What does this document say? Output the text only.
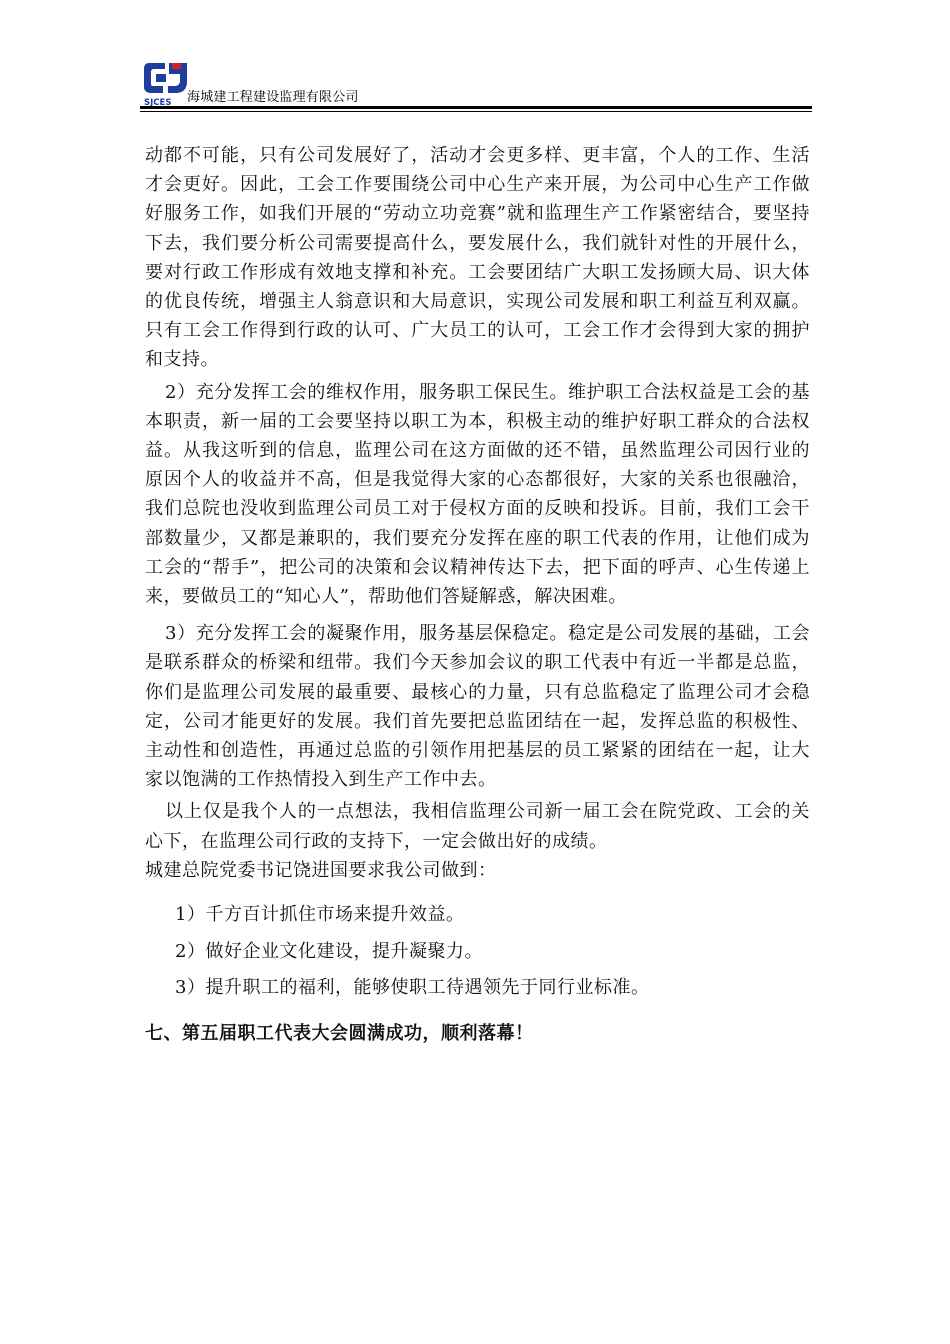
SJCES 海城建工程建设监理有限公司

动都不可能，只有公司发展好了，活动才会更多样、更丰富，个人的工作、生活才会更好。因此，工会工作要围绕公司中心生产来开展，为公司中心生产工作做好服务工作，如我们开展的“劳动立功竞赛”就和监理生产工作紧密结合，要坚持下去，我们要分析公司需要提高什么，要发展什么，我们就针对性的开展什么，要对行政工作形成有效地支撑和补充。工会要团结广大职工发扬顾大局、识大体的优良传统，增强主人翁意识和大局意识，实现公司发展和职工利益互利双赢。只有工会工作得到行政的认可、广大员工的认可，工会工作才会得到大家的拥护和支持。

2）充分发挥工会的维权作用，服务职工保民生。维护职工合法权益是工会的基本职责，新一届的工会要坚持以职工为本，积极主动的维护好职工群众的合法权益。从我这听到的信息，监理公司在这方面做的还不错，虽然监理公司因行业的原因个人的收益并不高，但是我觉得大家的心态都很好，大家的关系也很融洽，我们总院也没收到监理公司员工对于侵权方面的反映和投诉。目前，我们工会干部数量少，又都是兼职的，我们要充分发挥在座的职工代表的作用，让他们成为工会的“帮手”，把公司的决策和会议精神传达下去，把下面的呼声、心生传递上来，要做员工的“知心人”，帮助他们答疑解惑，解决困难。

3）充分发挥工会的凝聚作用，服务基层保稳定。稳定是公司发展的基础，工会是联系群众的桥梁和纽带。我们今天参加会议的职工代表中有近一半都是总监，你们是监理公司发展的最重要、最核心的力量，只有总监稳定了监理公司才会稳定，公司才能更好的发展。我们首先要把总监团结在一起，发挥总监的积极性、主动性和创造性，再通过总监的引领作用把基层的员工紧紧的团结在一起，让大家以饱满的工作热情投入到生产工作中去。

以上仅是我个人的一点想法，我相信监理公司新一届工会在院党政、工会的关心下，在监理公司行政的支持下，一定会做出好的成绩。

城建总院党委书记饶进国要求我公司做到：

1）千方百计抓住市场来提升效益。

2）做好企业文化建设，提升凝聚力。

3）提升职工的福利，能够使职工待遇领先于同行业标准。

七、第五届职工代表大会圆满成功，顺利落幕！
